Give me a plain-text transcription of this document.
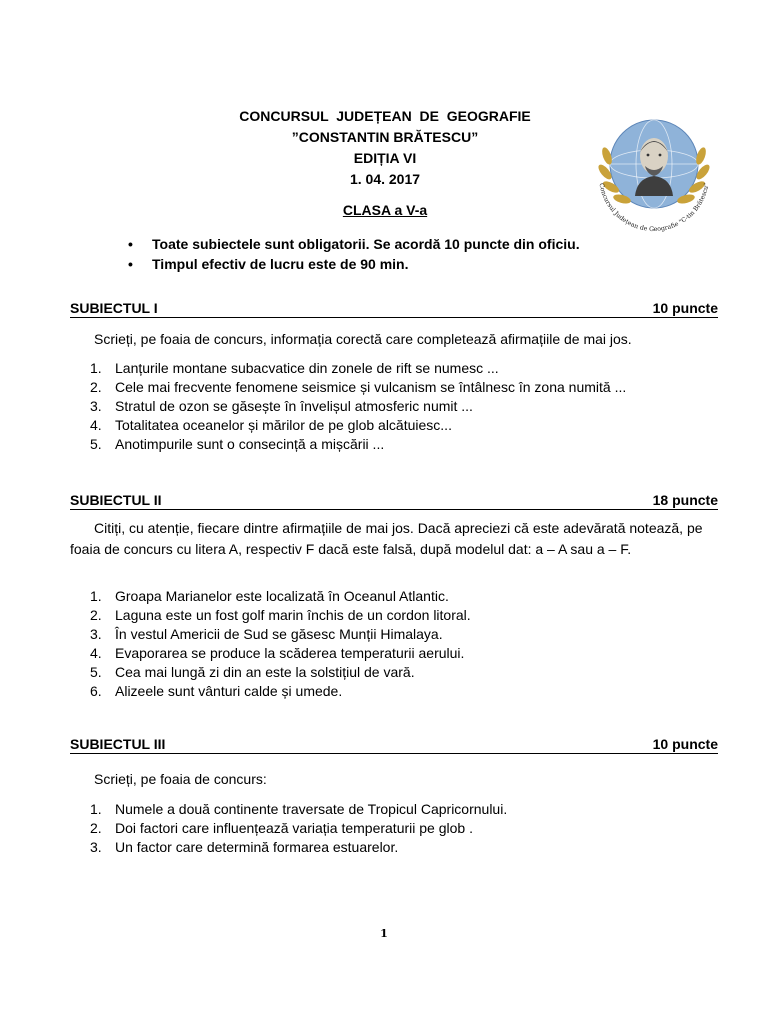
CONCURSUL  JUDEȚEAN  DE  GEOGRAFIE
”CONSTANTIN BRĂTESCU”
EDIȚIA VI
1. 04. 2017	Concursul Județean de Geografie "C-tin Brătescu"
CLASA a V-a
• Toate subiectele sunt obligatorii. Se acordă 10 puncte din oficiu.
• Timpul efectiv de lucru este de 90 min.
SUBIECTUL I	10 puncte
Scrieți, pe foaia de concurs, informația corectă care completează afirmațiile de mai jos.
1. Lanțurile montane subacvatice din zonele de rift se numesc ...
2. Cele mai frecvente fenomene seismice și vulcanism se întâlnesc în zona numită ...
3. Stratul de ozon se găsește în învelișul atmosferic numit ...
4. Totalitatea oceanelor și mărilor de pe glob alcătuiesc...
5. Anotimpurile sunt o consecință a mișcării ...
SUBIECTUL II	18 puncte
Citiți, cu atenție, fiecare dintre afirmațiile de mai jos. Dacă apreciezi că este adevărată notează, pe foaia de concurs cu litera A, respectiv F dacă este falsă, după modelul dat: a – A sau a – F.
1. Groapa Marianelor este localizată în Oceanul Atlantic.
2. Laguna este un fost golf marin închis de un cordon litoral.
3. În vestul Americii de Sud se găsesc Munții Himalaya.
4. Evaporarea se produce la scăderea temperaturii aerului.
5. Cea mai lungă zi din an este la solstițiul de vară.
6. Alizeele sunt vânturi calde și umede.
SUBIECTUL III	10 puncte
Scrieți, pe foaia de concurs:
1. Numele a două continente traversate de Tropicul Capricornului.
2. Doi factori care influențează variația temperaturii pe glob .
3. Un factor care determină formarea estuarelor.
1
